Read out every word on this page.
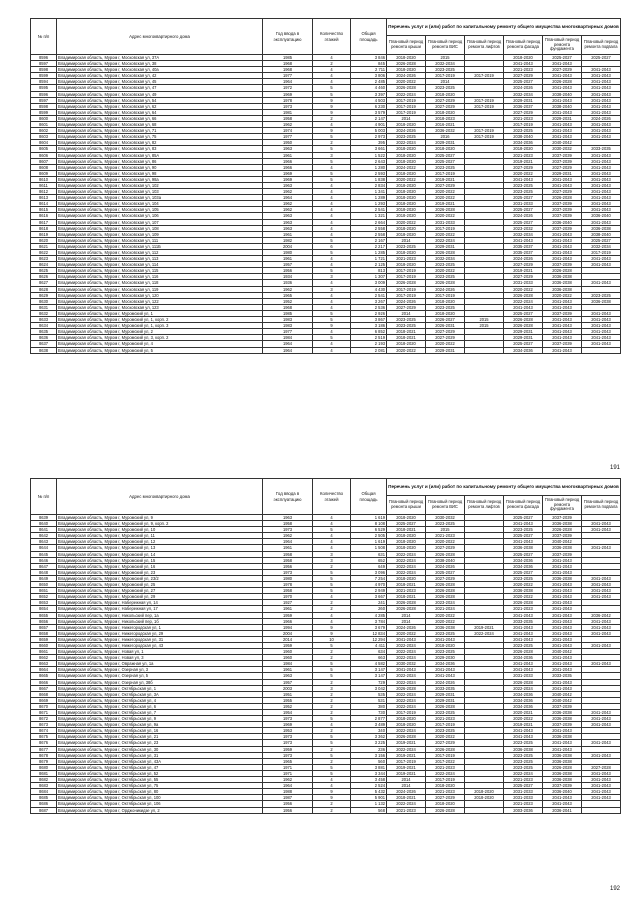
№ п/п	Адрес многоквартирного дома	Год ввода в эксплуатацию	Количество этажей	Общая площадь	Перечень услуг и (или) работ по капитальному ремонту общего имущества многоквартирных домов					
					Плановый период ремонта крыши	Плановый период ремонта ВИС	Плановый период ремонта лифтов	Плановый период ремонта фасада	Плановый период ремонта фундамента	Плановый период ремонта подвала
8596	Владимирская область, Муром г, Московская ул, 37А	1985	4	3 846	2018-2020	2015		2018-2020	2025-2027	2025-2027
8597	Владимирская область, Муром г, Московская ул, 38	1968	2	845	2026-2028	2032-2034		2041-2043	2041-2043	
8598	Владимирская область, Муром г, Московская ул, 40а	1968	4	2 711	2018-2020	2023-2025		2021-2023	2027-2029	2041-2043
8599	Владимирская область, Муром г, Московская ул, 42	1977	4	3 806	2024-2026	2017-2019	2017-2019	2027-2029	2041-2043	2041-2043
8594	Владимирская область, Муром г, Московская ул, 45	1964	4	2 485	2020-2022	2014		2025-2027	2026-2028	2041-2043
8595	Владимирская область, Муром г, Московская ул, 47	1972	5	4 460	2026-2028	2023-2025		2024-2026	2041-2043	2041-2043
8596	Владимирская область, Муром г, Московская ул, 49	1969	5	3 397	2022-2024	2018-2020		2032-2034	2038-2040	2041-2043
8597	Владимирская область, Муром г, Московская ул, 54	1978	9	4 503	2017-2019	2027-2029	2017-2019	2029-2031	2041-2043	2041-2043
8598	Владимирская область, Муром г, Московская ул, 62	1973	9	6 230	2017-2019	2027-2029	2017-2019	2036-2037	2038-2040	2041-2043
8599	Владимирская область, Муром г, Московская ул, 64	1981	9	3 579	2017-2019	2018-2020		2027-2029	2041-2043	2041-2043
8600	Владимирская область, Муром г, Московская ул, 66	1958	2	2 147	2014	2018-2023		2021-2023	2029-2031	2024-2026
8601	Владимирская область, Муром г, Московская ул, 68	1962	4	4 901	2018-2020	2016-2021		2017-2019	2041-2043	2041-2043
8602	Владимирская область, Муром г, Московская ул, 71	1974	9	5 003	2024-2026	2036-2032	2017-2019	2023-2025	2041-2043	2041-2043
8603	Владимирская область, Муром г, Московская ул, 75	1977	5	2 973	2023-2025	2016	2017-2019	2038-2040	2041-2043	2041-2043
8604	Владимирская область, Муром г, Московская ул, 82	1950	2	395	2022-2024	2029-2031		2034-2036	2040-2042	
8605	Владимирская область, Муром г, Московская ул, 83	1963	5	3 661	2018-2020	2018-2020		2018-2020	2030-2032	2033-2035
8606	Владимирская область, Муром г, Московская ул, 85А	1961	3	1 522	2018-2020	2025-2027		2021-2023	2037-2039	2041-2043
8607	Владимирская область, Муром г, Московская ул, 86	1966	5	2 643	2018-2020	2025-2027		2019-2021	2037-2039	2041-2043
8608	Владимирская область, Муром г, Московская ул, 90	1966	4	1 280	2024-2022	2023-2025		2027-2029	2027-2029	2041-2043
8609	Владимирская область, Муром г, Московская ул, 98	1969	5	2 593	2018-2020	2017-2019		2020-2022	2029-2031	2041-2043
8610	Владимирская область, Муром г, Московская ул, 98а	1969	5	1 838	2020-2022	2019-2021		2041-2043	2041-2043	2041-2043
8611	Владимирская область, Муром г, Московская ул, 102	1963	4	2 834	2018-2020	2027-2029		2023-2025	2041-2043	2041-2043
8612	Владимирская область, Муром г, Московская ул, 103	1962	4	1 341	2018-2020	2020-2022		2023-2025	2027-2029	2041-2043
8613	Владимирская область, Муром г, Московская ул, 103а	1964	4	1 289	2018-2020	2020-2022		2025-2027	2026-2028	2041-2043
8614	Владимирская область, Муром г, Московская ул, 104	1962	4	1 293	2018-2020	2019-2021		2031-2033	2037-2039	2041-2043
8615	Владимирская область, Муром г, Московская ул, 105	1962	4	2 541	2018-2020	2026-2028		2025-2027	2037-2039	2041-2043
8616	Владимирская область, Муром г, Московская ул, 106	1963	4	1 321	2018-2020	2020-2022		2024-2026	2037-2039	2036-2040
8617	Владимирская область, Муром г, Московская ул, 107	1963	4	2 664	2020-2022	2031-2033		2025-2027	2036-2040	2041-2043
8618	Владимирская область, Муром г, Московская ул, 108	1963	4	2 558	2018-2020	2017-2019		2023-2032	2037-2039	2036-2038
8619	Владимирская область, Муром г, Московская ул, 109	1961	4	2 558	2018-2020	2020-2022		2032-2034	2041-2043	2038-2040
8620	Владимирская область, Муром г, Московская ул, 111	1982	5	2 167	2014	2022-2024		2041-2043	2041-2043	2025-2027
8621	Владимирская область, Муром г, Московская ул, 111Б	2004	6	2 217	2023-2025	2029-2031		2035-2037	2041-2043	2032-2034
8622	Владимирская область, Муром г, Московская ул, 112	1980	5	1 285	2018-2020	2026-2028		2035-2037	2041-2043	2017-2019
8623	Владимирская область, Муром г, Московская ул, 113	1961	4	1 721	2021-2023	2032-2034		2024-2026	2041-2043	2041-2043
8624	Владимирская область, Муром г, Московская ул, 114	1957	4	2 125	2018-2020	2023-2025		2027-2029	2037-2039	2041-2043
8625	Владимирская область, Муром г, Московская ул, 115	1956	5	813	2017-2019	2020-2022		2019-2021	2026-2028	
8626	Владимирская область, Муром г, Московская ул, 116	1934	3	1 307	2017-2019	2023-2025		2027-2029	2036-2038	
8627	Владимирская область, Муром г, Московская ул, 118	1936	4	3 009	2026-2028	2026-2028		2031-2033	2036-2038	2041-2043
8628	Владимирская область, Муром г, Московская ул, 119	1962	3	4 430	2017-2019	2024-2026		2020-2022	2036-2038	
8629	Владимирская область, Муром г, Московская ул, 120	1965	4	2 541	2017-2019	2017-2019		2026-2028	2020-2022	2023-2025
8630	Владимирская область, Муром г, Московская ул, 122	1952	4	3 267	2024-2026	2018-2020		2022-2024	2041-2043	2036-2038
8631	Владимирская область, Муром г, Московская ул, 123	1968	4	2 536	2027-2029	2023-2025		2041-2043	2041-2043	
8632	Владимирская область, Муром г, Муромский ул, 1	1985	5	2 926	2014	2018-2020		2025-2027	2037-2039	2041-2043
8633	Владимирская область, Муром г, Муромский ул, 1, корп. 2	1983	5	3 867	2023-2025	2026-2027	2015	2026-2028	2041-2043	2041-2043
8634	Владимирская область, Муром г, Муромский ул, 1, корп. 3	1983	9	3 186	2023-2025	2026-2031	2015	2026-2028	2041-2043	2041-2043
8635	Владимирская область, Муром г, Муромский ул, 2	1977	4	6 852	2018-2021	2027-2029		2029-2031	2041-2043	2041-2043
8636	Владимирская область, Муром г, Муромский ул, 3, корп. 2	1984	5	2 519	2018-2021	2027-2029		2029-2031	2041-2043	2041-2043
8637	Владимирская область, Муром г, Муромский ул, 4	1964	4	2 193	2018-2020	2020-2022		2025-2027	2037-2039	2041-2043
8638	Владимирская область, Муром г, Муромский ул, 5	1964	4	2 081	2020-2022	2029-2031		2034-2036	2041-2043	
191
№ п/п	Адрес многоквартирного дома	Год ввода в эксплуатацию	Количество этажей	Общая площадь	Перечень услуг и (или) работ по капитальному ремонту общего имущества многоквартирных домов					
					Плановый период ремонта крыши	Плановый период ремонта ВИС	Плановый период ремонта лифтов	Плановый период ремонта фасада	Плановый период ремонта фундамента	Плановый период ремонта подвала
8639	Владимирская область, Муром г, Муромский ул, 9	1963	4	1 619	2018-2020	2030-2032		2025-2027	2037-2039	
8640	Владимирская область, Муром г, Муромский ул, 9, корп. 2	1958	4	8 108	2025-2027	2023-2025		2041-2043	2036-2038	2041-2043
8641	Владимирская область, Муром г, Муромский ул, 10	1973	5	6 529	2018-2021	2015		2023-2025	2026-2028	2041-2043
8642	Владимирская область, Муром г, Муромский ул, 11	1962	4	2 505	2018-2020	2021-2023		2025-2027	2037-2039	
8643	Владимирская область, Муром г, Муромский ул, 12	1964	4	1 619	2018-2020	2020-2022		2041-2043	2040-2042	
8644	Владимирская область, Муром г, Муромский ул, 13	1961	4	1 508	2018-2020	2027-2029		2036-2038	2036-2038	2041-2043
8645	Владимирская область, Муром г, Муромский ул, 14	1958	3	631	2022-2024	2026-2028		2025-2027	2037-2039	
8646	Владимирская область, Муром г, Муромский ул, 15	1958	3	652	2022-2024	2038-2040		2034-2036	2041-2043	
8647	Владимирская область, Муром г, Муромский ул, 16	1956	2	649	2022-2024	2024-2026		2034-2036	2041-2043	
8648	Владимирская область, Муром г, Муромский ул, 23	1973	5	3 096	2022-2024	2025-2027		2025-2027	2041-2043	
8649	Владимирская область, Муром г, Муромский ул, 23/2	1980	5	7 254	2018-2020	2027-2029		2023-2025	2036-2038	2041-2043
8650	Владимирская область, Муром г, Муромский ул, 25	1978	5	4 970	2018-2021	2026-2028		2020-2022	2041-2043	2041-2043
8651	Владимирская область, Муром г, Муромский ул, 27	1958	5	2 949	2021-2023	2026-2028		2036-2038	2041-2043	2041-2043
8652	Владимирская область, Муром г, Муромский ул, 29	1970	4	3 667	2018-2021	2026-2028		2020-2022	2041-2043	2041-2043
8653	Владимирская область, Муром г, Набережная ул, 14	1927	2	241	2026-2028	2023-2024		2026-2028	2041-2043	
8654	Владимирская область, Муром г, Набережная ул, 17	1961	2	260	2026-2028	2021-2024		2021-2023	2041-2043	
8655	Владимирская область, Муром г, Никольский пер, 1а	1959	4	4 285	2014	2020-2022		2041-2043	2041-2043	2036-2042
8656	Владимирская область, Муром г, Никольский пер, 1б	1966	4	3 784	2014	2020-2022		2033-2035	2041-2043	2041-2043
8657	Владимирская область, Муром г, Нижегородская ул, 1	1994	9	3 679	2024-2026	2036-2038	2019-2021	2041-2043	2041-2043	2041-2043
8658	Владимирская область, Муром г, Нижегородская ул, 29	2004	9	12 834	2020-2022	2023-2025	2022-2024	2041-2043	2041-2043	2041-2043
8659	Владимирская область, Муром г, Нижегородская ул, 31	2014	10	12 294	2041-2043	2041-2043		2041-2043	2041-2043	
8660	Владимирская область, Муром г, Нижегородская ул, 43	1959	5	4 411	2022-2024	2018-2020		2023-2025	2041-2043	2041-2043
8661	Владимирская область, Муром г, Новая ул, 1	1960	2	634	2022-2024	2023-2025		2026-2028	2040-2042	
8662	Владимирская область, Муром г, Новая ул, 3	1960	2	663	2022-2024	2029-2030		2034-2036	2041-2043	
8663	Владимирская область, Муром г, Овражная ул, 1а	1984	5	4 582	2030-2032	2034-2036		2041-2043	2041-2043	2041-2043
8664	Владимирская область, Муром г, Озерная ул, 3	1961	5	3 147	2041-2043	2041-2043		2041-2043	2041-2043	
8665	Владимирская область, Муром г, Озерная ул, 5	1963	5	3 147	2022-2024	2041-2043		2031-2033	2033-2035	
8666	Владимирская область, Муром г, Озерная ул, 38б	1957	2	729	2022-2024	2024-2026		2026-2028	2041-2043	
8667	Владимирская область, Муром г, Октябрьская ул, 1	2003	3	3 042	2026-2028	2033-2035		2022-2024	2041-2043	
8668	Владимирская область, Муром г, Октябрьская ул, 3А	1951	2	535	2022-2024	2029-2031		2034-2036	2040-2042	
8669	Владимирская область, Муром г, Октябрьская ул, 4	1955	2	531	2022-2024	2029-2031		2034-2036	2040-2042	
8670	Владимирская область, Муром г, Октябрьская ул, 6	1952	2	380	2022-2024	2026-2028		2034-2036	2037-2039	
8671	Владимирская область, Муром г, Октябрьская ул, 7	1954	2	730	2017-2019	2023-2025		2020-2021	2036-2038	2041-2043
8672	Владимирская область, Муром г, Октябрьская ул, 9	1973	5	2 877	2018-2020	2021-2023		2020-2022	2036-2038	2041-2043
8673	Владимирская область, Муром г, Октябрьская ул, 9а	1969	4	3 489	2018-2020	2017-2019		2019-2021	2037-2039	2041-2043
8674	Владимирская область, Муром г, Октябрьская ул, 16	1953	2	340	2022-2024	2023-2025		2041-2043	2041-2043	
8675	Владимирская область, Муром г, Октябрьская ул, 21	1973	5	3 362	2026-2028	2020-2022		2041-2043	2036-2038	
8676	Владимирская область, Муром г, Октябрьская ул, 23	1973	5	3 225	2019-2021	2027-2029		2023-2025	2041-2043	2041-2043
8677	Владимирская область, Муром г, Октябрьская ул, 30	1959	2	236	2022-2024	2026-2028		2036-2038	2041-2043	
8678	Владимирская область, Муром г, Октябрьская ул, 31	1973	5	3 156	2019-2021	2017-2019		2023-2025	2036-2038	2041-2043
8679	Владимирская область, Муром г, Октябрьская ул, 43А	1965	2	560	2017-2019	2017-2022		2023-2025	2036-2038	
8680	Владимирская область, Муром г, Октябрьская ул, 47	1971	5	3 881	2019-2021	2021-2023		2023-2025	2026-2028	2027-2028
8681	Владимирская область, Муром г, Октябрьская ул, 52	1971	5	3 344	2019-2021	2022-2024		2022-2024	2036-2038	2041-2043
8682	Владимирская область, Муром г, Октябрьская ул, 55	1962	4	3 458	2014	2017-2019		2021-2023	2036-2038	2041-2043
8683	Владимирская область, Муром г, Октябрьская ул, 75	1964	4	2 524	2014	2018-2020		2025-2027	2037-2039	2041-2043
8684	Владимирская область, Муром г, Октябрьская ул, 80	1988	9	5 432	2024-2026	2021-2023	2018-2020	2031-2033	2036-2040	2041-2043
8685	Владимирская область, Муром г, Октябрьская ул, 100	1987	9	5 901	2018-2021	2027-2029	2018-2020	2031-2033	2041-2043	2041-2043
8686	Владимирская область, Муром г, Октябрьская ул, 106	1956	2	1 132	2022-2024	2018-2020		2021-2023	2041-2043	
8687	Владимирская область, Муром г, Орджоникидзе ул, 2	1956	2	568	2021-2023	2026-2028		2003-2036	2036-2041	
192
